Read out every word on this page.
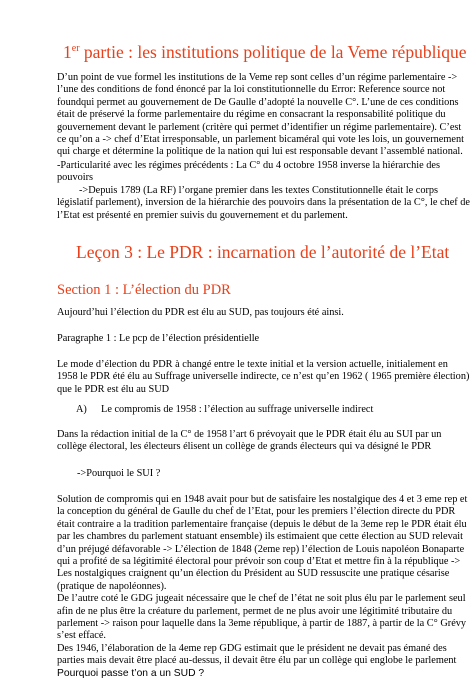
1er partie : les institutions politique de la Veme république
D’un point de vue formel les institutions de la Veme rep sont celles d’un régime parlementaire ->
l’une des conditions de fond énoncé par la loi constitutionnelle du Error: Reference source not
foundqui permet au gouvernement de De Gaulle d’adopté la nouvelle C°. L’une de ces conditions
était de préservé la forme parlementaire du régime en consacrant la responsabilité politique du
gouvernement devant le parlement (critère qui permet d’identifier un régime parlementaire). C’est
ce qu’on a -> chef d’Etat irresponsable, un parlement bicaméral qui vote les lois, un gouvernement
qui charge et détermine la politique de la nation qui lui est responsable devant l’assemblé national.
-Particularité avec les régimes précédents : La C° du 4 octobre 1958 inverse la hiérarchie des
pouvoirs
->Depuis 1789 (La RF) l’organe premier dans les textes Constitutionnelle était le corps
législatif parlement), inversion de la hiérarchie des pouvoirs dans la présentation de la C°, le chef de
l’Etat est présenté en premier suivis du gouvernement et du parlement.
Leçon 3 : Le PDR : incarnation de l’autorité de l’Etat
Section 1 : L’élection du PDR
Aujourd’hui l’élection du PDR est élu au SUD, pas toujours été ainsi.
Paragraphe 1 : Le pcp de l’élection présidentielle
Le mode d’élection du PDR à changé entre le texte initial et la version actuelle, initialement en
1958 le PDR été élu au Suffrage universelle indirecte, ce n’est qu’en 1962 ( 1965 première élection)
que le PDR est élu au SUD
A) Le compromis de 1958 : l’élection au suffrage universelle indirect
Dans la rédaction initial de la C° de 1958 l’art 6 prévoyait que le PDR était élu au SUI par un
collège électoral, les électeurs élisent un collège de grands électeurs qui va désigné le PDR
->Pourquoi le SUI ?
Solution de compromis qui en 1948 avait pour but de satisfaire les nostalgique des 4 et 3 eme rep et
la conception du général de Gaulle du chef de l’Etat, pour les premiers l’élection directe du PDR
était contraire a la tradition parlementaire française (depuis le début de la 3eme rep le PDR était élu
par les chambres du parlement statuant ensemble) ils estimaient que cette élection au SUD relevait
d’un préjugé défavorable -> L’élection de 1848 (2eme rep) l’élection de Louis napoléon Bonaparte
qui a profité de sa légitimité électoral pour prévoir son coup d’Etat et mettre fin à la république ->
Les nostalgiques craignent qu’un élection du Président au SUD ressuscite une pratique césarise
(pratique de napoléonnes).
De l’autre coté le GDG jugeait nécessaire que le chef de l’état ne soit plus élu par le parlement seul
afin de ne plus être la créature du parlement, permet de ne plus avoir une légitimité tributaire du
parlement -> raison pour laquelle dans la 3eme république, à partir de 1887, à partir de la C° Grévy
s’est effacé.
Des 1946, l’élaboration de la 4eme rep GDG estimait que le président ne devait pas émané des
parties mais devait être placé au-dessus, il devait être élu par un collège qui englobe le parlement
Pourquoi passe t’on a un SUD ?
